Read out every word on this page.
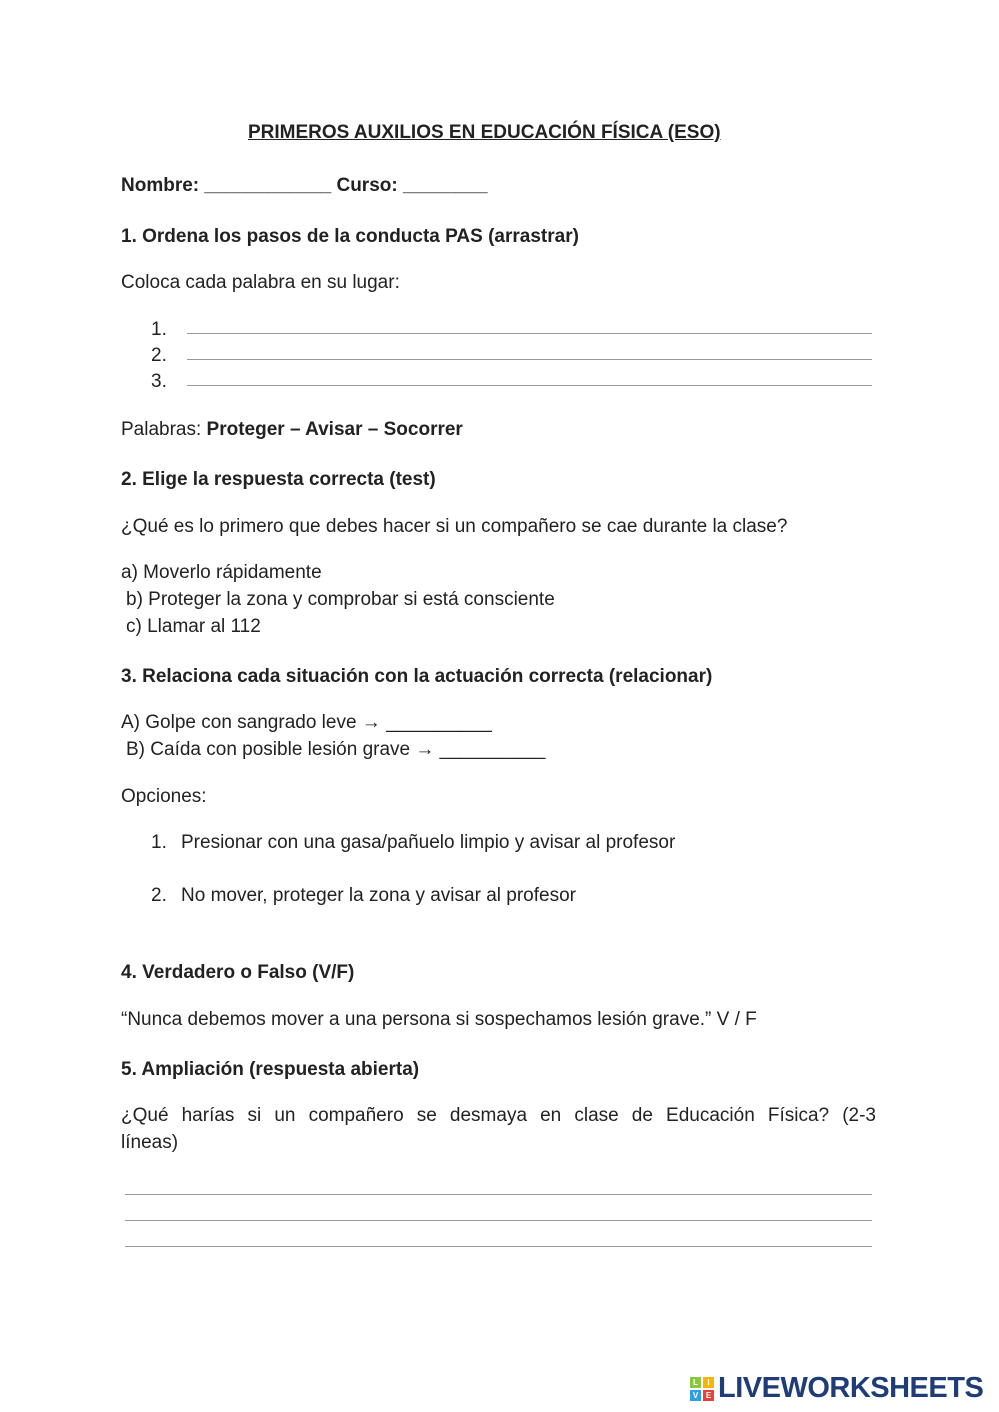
PRIMEROS AUXILIOS EN EDUCACIÓN FÍSICA (ESO)
Nombre: ____________ Curso: ________
1. Ordena los pasos de la conducta PAS (arrastrar)
Coloca cada palabra en su lugar:
1.
2.
3.
Palabras: Proteger – Avisar – Socorrer
2. Elige la respuesta correcta (test)
¿Qué es lo primero que debes hacer si un compañero se cae durante la clase?
a) Moverlo rápidamente
b) Proteger la zona y comprobar si está consciente
c) Llamar al 112
3. Relaciona cada situación con la actuación correcta (relacionar)
A) Golpe con sangrado leve → __________
B) Caída con posible lesión grave → __________
Opciones:
1. Presionar con una gasa/pañuelo limpio y avisar al profesor
2. No mover, proteger la zona y avisar al profesor
4. Verdadero o Falso (V/F)
“Nunca debemos mover a una persona si sospechamos lesión grave.” V / F
5. Ampliación (respuesta abierta)
¿Qué harías si un compañero se desmaya en clase de Educación Física? (2-3
líneas)
L	I
V E LIVEWORKSHEETS
